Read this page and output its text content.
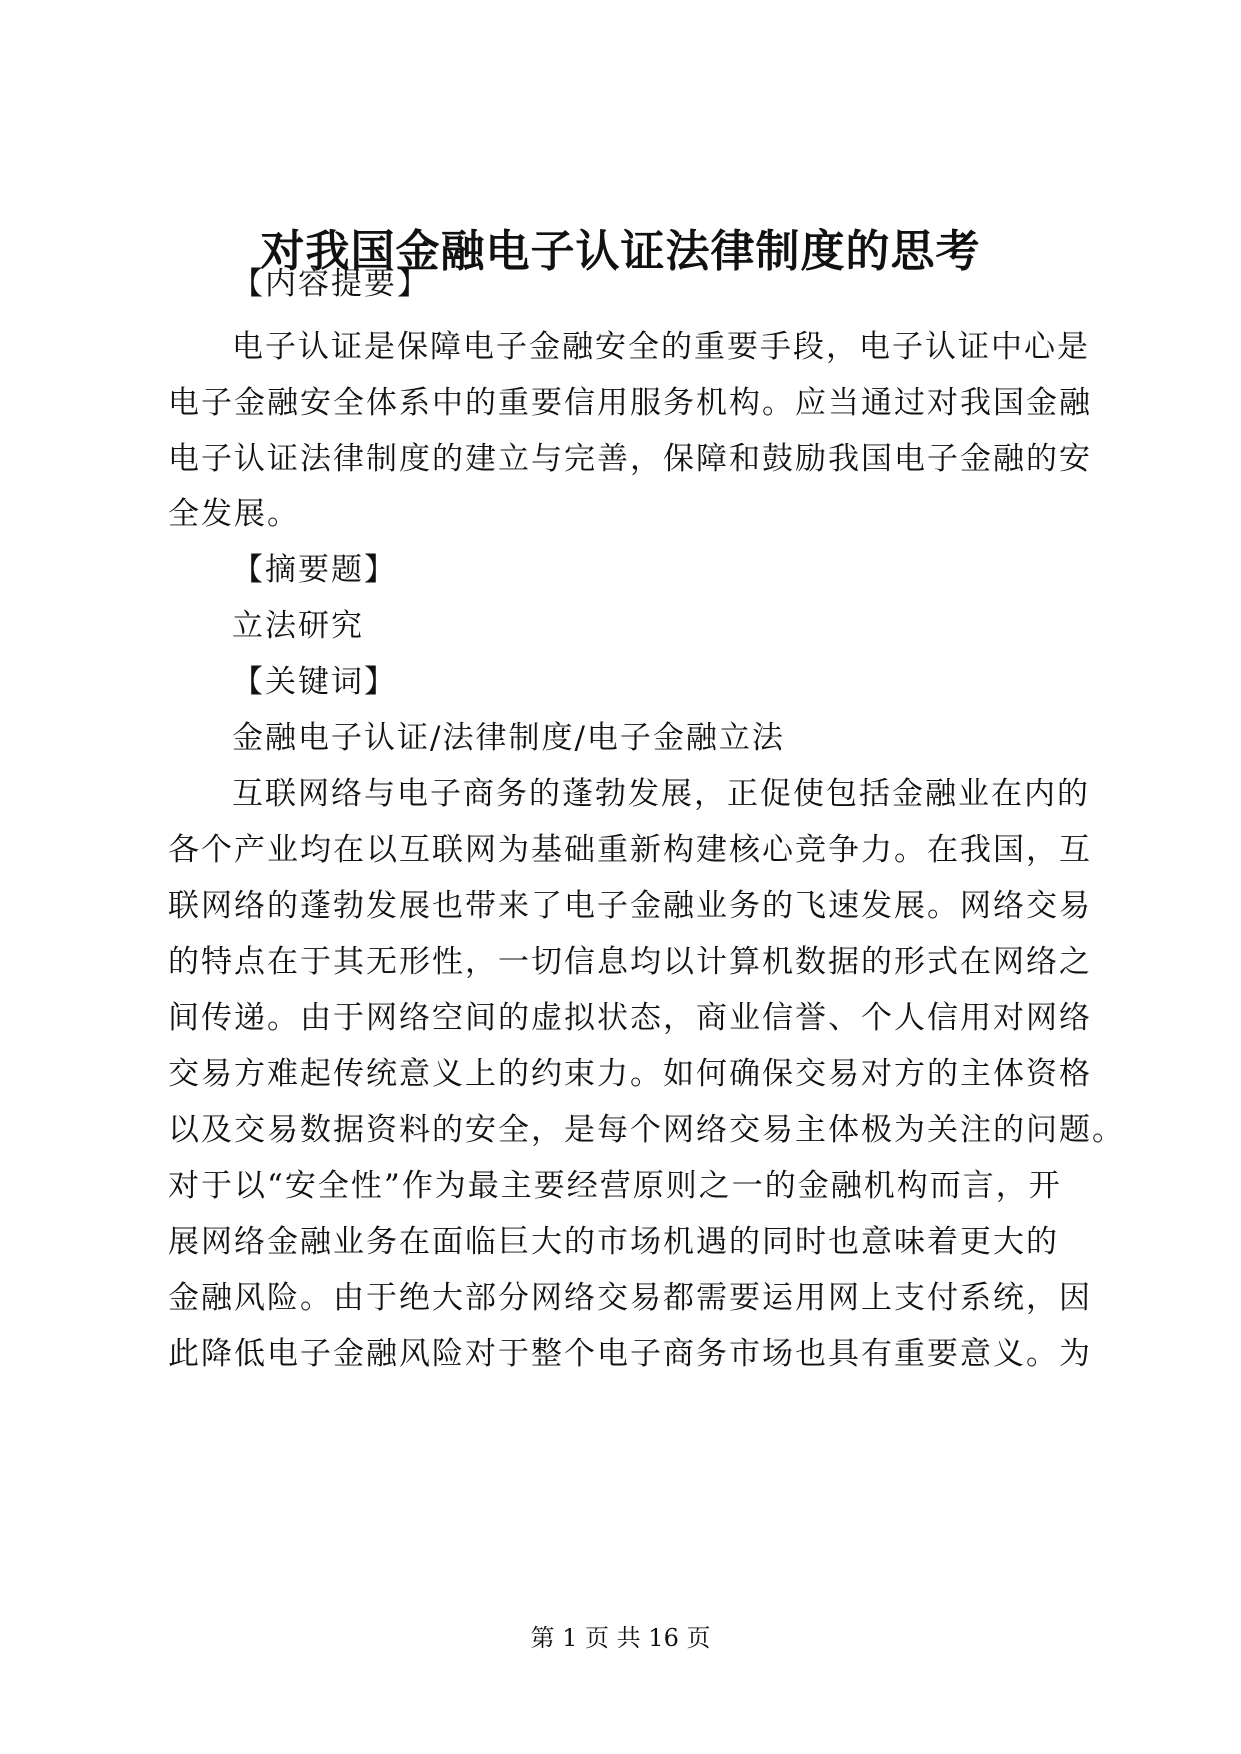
对我国金融电子认证法律制度的思考
【内容提要】
电子认证是保障电子金融安全的重要手段，电子认证中心是
电子金融安全体系中的重要信用服务机构。应当通过对我国金融
电子认证法律制度的建立与完善，保障和鼓励我国电子金融的安
全发展。
【摘要题】
立法研究
【关键词】
金融电子认证/法律制度/电子金融立法
互联网络与电子商务的蓬勃发展，正促使包括金融业在内的
各个产业均在以互联网为基础重新构建核心竞争力。在我国，互
联网络的蓬勃发展也带来了电子金融业务的飞速发展。网络交易
的特点在于其无形性，一切信息均以计算机数据的形式在网络之
间传递。由于网络空间的虚拟状态，商业信誉、个人信用对网络
交易方难起传统意义上的约束力。如何确保交易对方的主体资格
以及交易数据资料的安全，是每个网络交易主体极为关注的问题。
对于以“安全性”作为最主要经营原则之一的金融机构而言，开
展网络金融业务在面临巨大的市场机遇的同时也意味着更大的
金融风险。由于绝大部分网络交易都需要运用网上支付系统，因
此降低电子金融风险对于整个电子商务市场也具有重要意义。为
第 1 页 共 16 页
